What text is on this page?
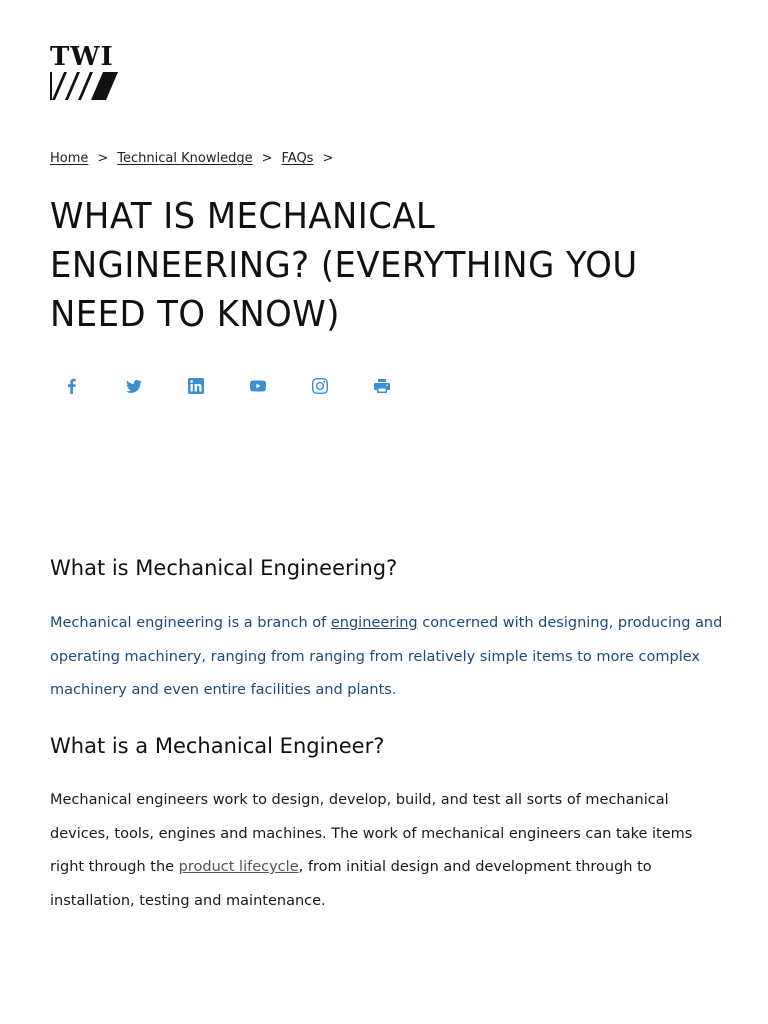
TWI
Home > Technical Knowledge > FAQs >
WHAT IS MECHANICAL ENGINEERING? (EVERYTHING YOU NEED TO KNOW)
What is Mechanical Engineering?

Mechanical engineering is a branch of engineering concerned with designing, producing and operating machinery, ranging from ranging from relatively simple items to more complex machinery and even entire facilities and plants.

What is a Mechanical Engineer?

Mechanical engineers work to design, develop, build, and test all sorts of mechanical devices, tools, engines and machines. The work of mechanical engineers can take items right through the product lifecycle, from initial design and development through to installation, testing and maintenance.
